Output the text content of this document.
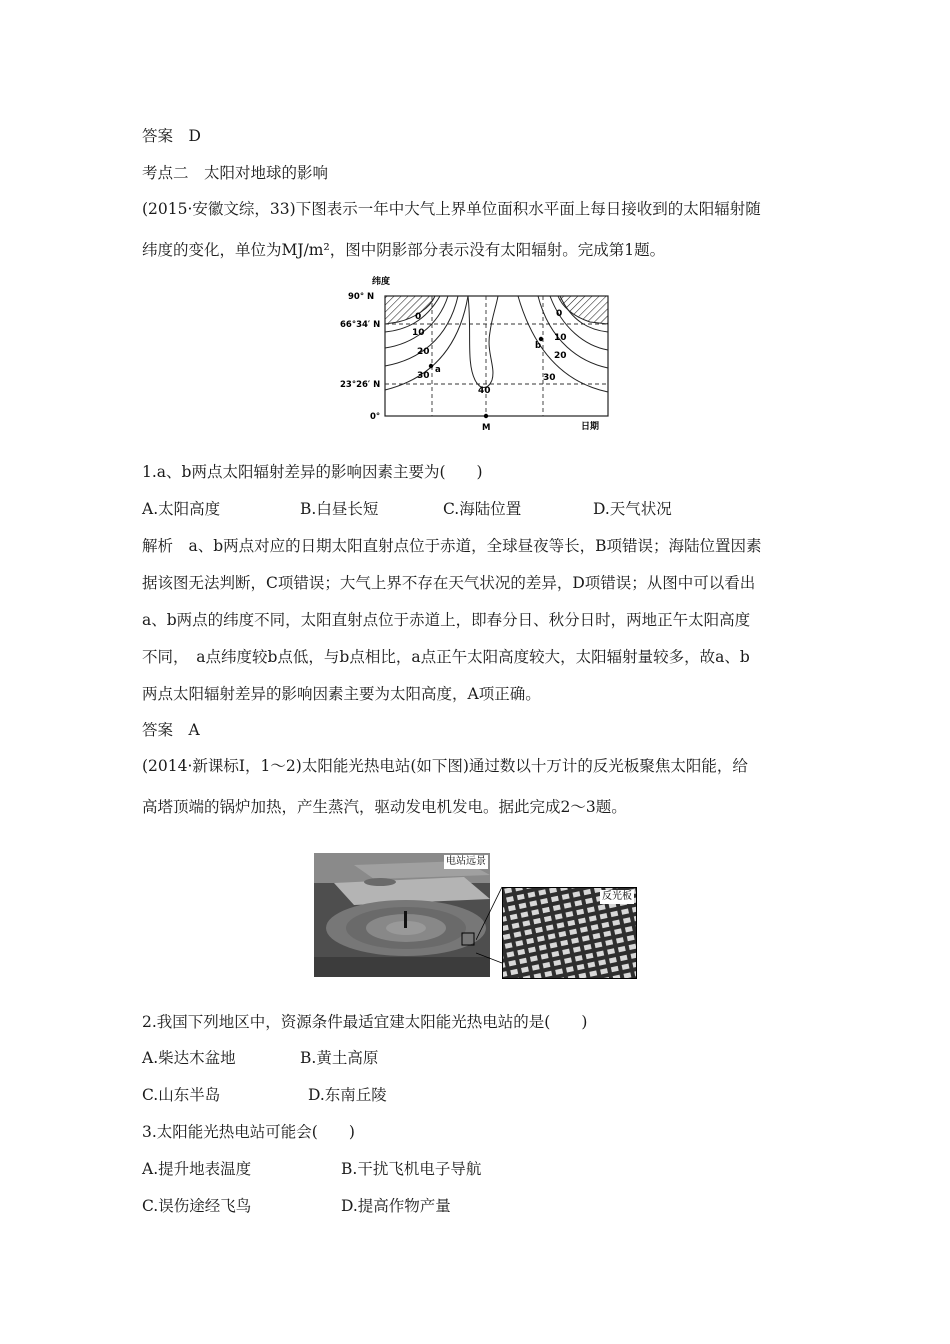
答案　D
考点二　太阳对地球的影响
(2015·安徽文综，33)下图表示一年中大气上界单位面积水平面上每日接收到的太阳辐射随
纬度的变化，单位为MJ/m²，图中阴影部分表示没有太阳辐射。完成第1题。
纬度
90° N
66°34′ N
23°26′ N
0°
日期
M
a
b
0
10
20
30
40
0
10
20
30
1.a、b两点太阳辐射差异的影响因素主要为(　　)
A.太阳高度	B.白昼长短	C.海陆位置	D.天气状况
解析　a、b两点对应的日期太阳直射点位于赤道，全球昼夜等长，B项错误；海陆位置因素
据该图无法判断，C项错误；大气上界不存在天气状况的差异，D项错误；从图中可以看出
a、b两点的纬度不同，太阳直射点位于赤道上，即春分日、秋分日时，两地正午太阳高度
不同，　a点纬度较b点低，与b点相比，a点正午太阳高度较大，太阳辐射量较多，故a、b
两点太阳辐射差异的影响因素主要为太阳高度，A项正确。
答案　A
(2014·新课标Ⅰ，1～2)太阳能光热电站(如下图)通过数以十万计的反光板聚焦太阳能，给
高塔顶端的锅炉加热，产生蒸汽，驱动发电机发电。据此完成2～3题。
电站远景
反光板
2.我国下列地区中，资源条件最适宜建太阳能光热电站的是(　　)
A.柴达木盆地	B.黄土高原
C.山东半岛	D.东南丘陵
3.太阳能光热电站可能会(　　)
A.提升地表温度	B.干扰飞机电子导航
C.误伤途经飞鸟	D.提高作物产量
